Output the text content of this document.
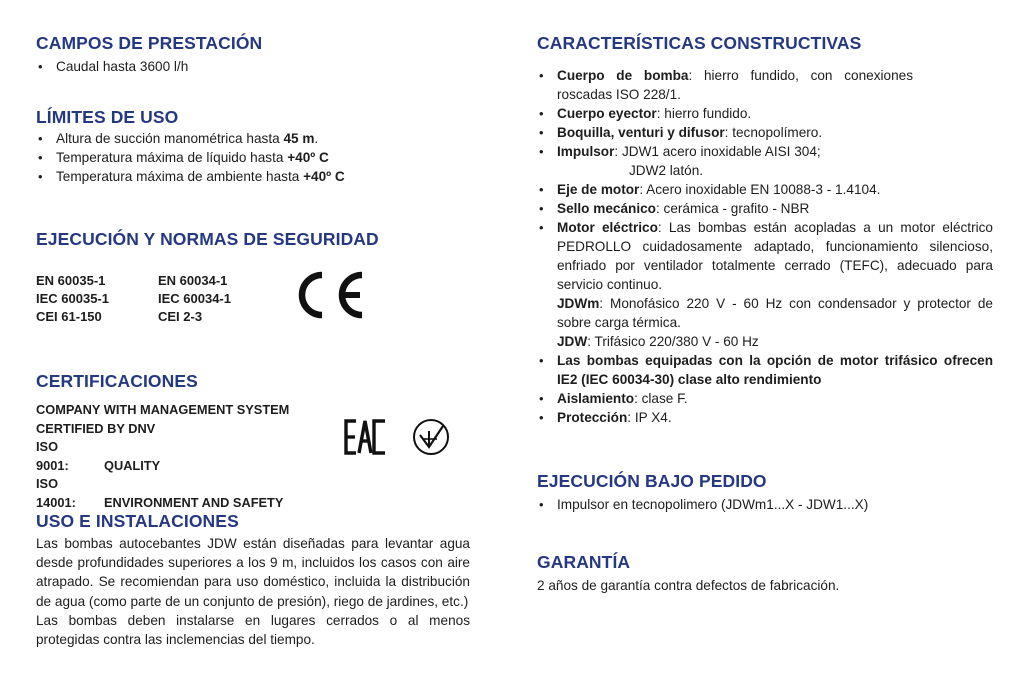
CAMPOS DE PRESTACIÓN
• Caudal hasta 3600 l/h
LÍMITES DE USO
• Altura de succión manométrica hasta 45 m.
• Temperatura máxima de líquido hasta +40º C
• Temperatura máxima de ambiente hasta +40º C
EJECUCIÓN Y NORMAS DE SEGURIDAD
EN 60035-1	EN 60034-1
IEC 60035-1	IEC 60034-1
CEI 61-150	CEI 2-3
CERTIFICACIONES
COMPANY WITH MANAGEMENT SYSTEM
CERTIFIED BY DNV
ISO 9001:	QUALITY
ISO 14001: ENVIRONMENT AND SAFETY
USO E INSTALACIONES
Las bombas autocebantes JDW están diseñadas para levantar agua desde profundidades superiores a los 9 m, incluidos los casos con aire atrapado. Se recomiendan para uso doméstico, incluida la distribución de agua (como parte de un conjunto de presión), riego de jardines, etc.)
Las bombas deben instalarse en lugares cerrados o al menos protegidas contra las inclemencias del tiempo.
CARACTERÍSTICAS CONSTRUCTIVAS
• Cuerpo de bomba: hierro fundido, con conexiones roscadas ISO 228/1.
• Cuerpo eyector: hierro fundido.
• Boquilla, venturi y difusor: tecnopolímero.
• Impulsor: JDW1 acero inoxidable AISI 304;
JDW2 latón.
• Eje de motor: Acero inoxidable EN 10088-3 - 1.4104.
• Sello mecánico: cerámica - grafito - NBR
• Motor eléctrico: Las bombas están acopladas a un motor eléctrico PEDROLLO cuidadosamente adaptado, funcionamiento silencioso, enfriado por ventilador totalmente cerrado (TEFC), adecuado para servicio continuo.
JDWm: Monofásico 220 V - 60 Hz con condensador y protector de sobre carga térmica.
JDW: Trifásico 220/380 V - 60 Hz
• Las bombas equipadas con la opción de motor trifásico ofrecen IE2 (IEC 60034-30) clase alto rendimiento
• Aislamiento: clase F.
• Protección: IP X4.
EJECUCIÓN BAJO PEDIDO
• Impulsor en tecnopolimero (JDWm1...X - JDW1...X)
GARANTÍA
2 años de garantía contra defectos de fabricación.
